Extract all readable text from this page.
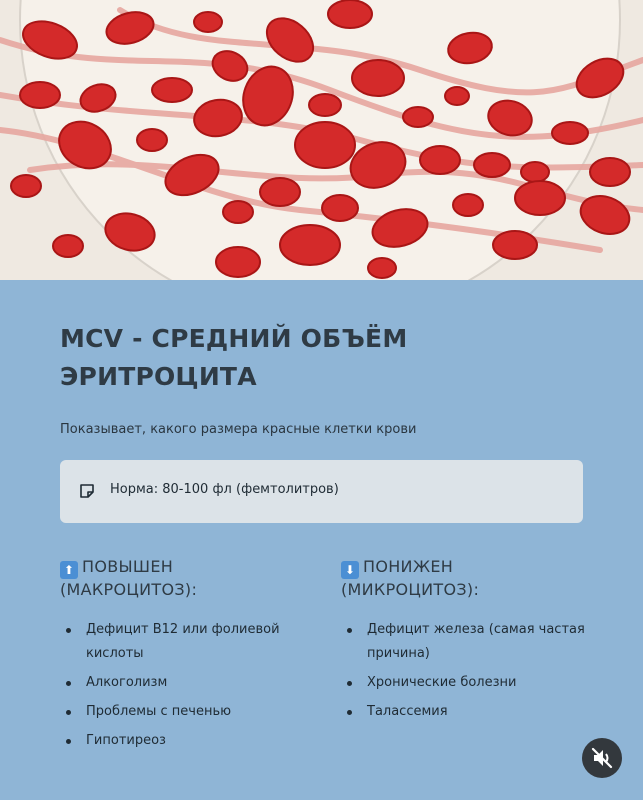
MCV - СРЕДНИЙ ОБЪЁМ
ЭРИТРОЦИТА
Показывает, какого размера красные клетки крови
Норма: 80-100 фл (фемтолитров)
⬆ ПОВЫШЕН
(МАКРОЦИТОЗ):
Дефицит B12 или фолиевой кислоты
Алкоголизм
Проблемы с печенью
Гипотиреоз
⬇ ПОНИЖЕН
(МИКРОЦИТОЗ):
Дефицит железа (самая частая причина)
Хронические болезни
Талассемия
